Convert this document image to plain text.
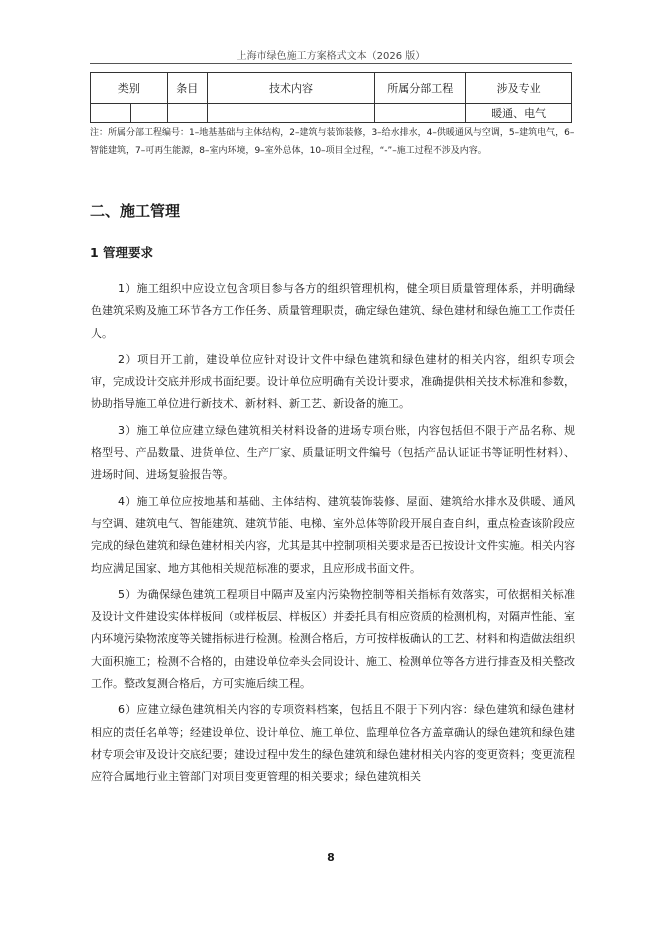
上海市绿色施工方案格式文本（2026 版）
类别		条目	技术内容	所属分部工程	涉及专业
					暖通、电气
注：所属分部工程编号：1–地基基础与主体结构，2–建筑与装饰装修，3–给水排水，4–供暖通风与空调，5–建筑电气，6–智能建筑，7–可再生能源，8–室内环境，9–室外总体，10–项目全过程，“-”–施工过程不涉及内容。
二、施工管理
1 管理要求

1）施工组织中应设立包含项目参与各方的组织管理机构，健全项目质量管理体系，并明确绿色建筑采购及施工环节各方工作任务、质量管理职责，确定绿色建筑、绿色建材和绿色施工工作责任人。

2）项目开工前，建设单位应针对设计文件中绿色建筑和绿色建材的相关内容，组织专项会审，完成设计交底并形成书面纪要。设计单位应明确有关设计要求，准确提供相关技术标准和参数，协助指导施工单位进行新技术、新材料、新工艺、新设备的施工。

3）施工单位应建立绿色建筑相关材料设备的进场专项台账，内容包括但不限于产品名称、规格型号、产品数量、进货单位、生产厂家、质量证明文件编号（包括产品认证证书等证明性材料）、进场时间、进场复验报告等。

4）施工单位应按地基和基础、主体结构、建筑装饰装修、屋面、建筑给水排水及供暖、通风与空调、建筑电气、智能建筑、建筑节能、电梯、室外总体等阶段开展自查自纠，重点检查该阶段应完成的绿色建筑和绿色建材相关内容，尤其是其中控制项相关要求是否已按设计文件实施。相关内容均应满足国家、地方其他相关规范标准的要求，且应形成书面文件。

5）为确保绿色建筑工程项目中隔声及室内污染物控制等相关指标有效落实，可依据相关标准及设计文件建设实体样板间（或样板层、样板区）并委托具有相应资质的检测机构，对隔声性能、室内环境污染物浓度等关键指标进行检测。检测合格后，方可按样板确认的工艺、材料和构造做法组织大面积施工；检测不合格的，由建设单位牵头会同设计、施工、检测单位等各方进行排查及相关整改工作。整改复测合格后，方可实施后续工程。

6）应建立绿色建筑相关内容的专项资料档案，包括且不限于下列内容：绿色建筑和绿色建材相应的责任名单等；经建设单位、设计单位、施工单位、监理单位各方盖章确认的绿色建筑和绿色建材专项会审及设计交底纪要；建设过程中发生的绿色建筑和绿色建材相关内容的变更资料；变更流程应符合属地行业主管部门对项目变更管理的相关要求；绿色建筑相关

8
